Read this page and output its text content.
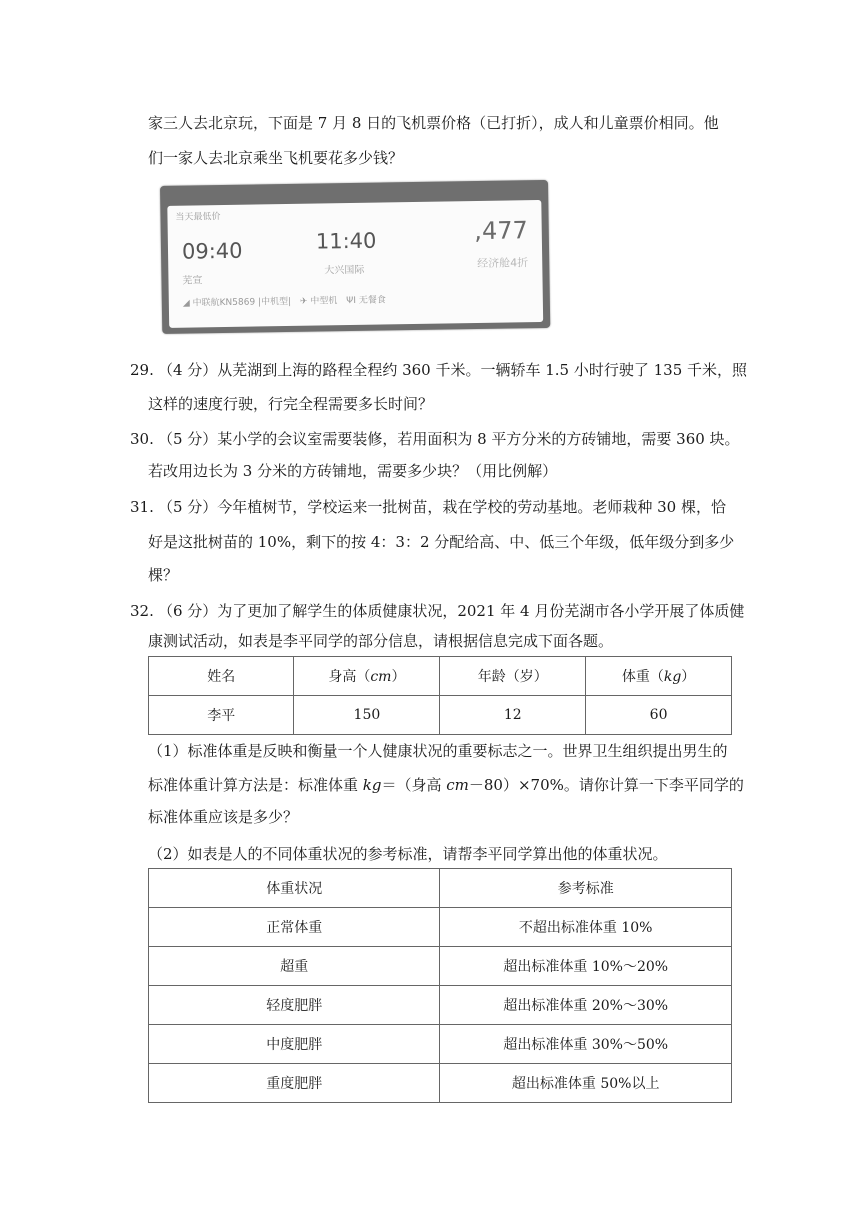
家三人去北京玩，下面是 7 月 8 日的飞机票价格（已打折），成人和儿童票价相同。他
们一家人去北京乘坐飞机要花多少钱？
当天最低价
09:40
芜宣
11:40
大兴国际
,477
经济舱4折
◢ 中联航KN5869 |中机型| ✈ 中型机 ΨΙ 无餐食
29. （4 分）从芜湖到上海的路程全程约 360 千米。一辆轿车 1.5 小时行驶了 135 千米，照
这样的速度行驶，行完全程需要多长时间？
30. （5 分）某小学的会议室需要装修，若用面积为 8 平方分米的方砖铺地，需要 360 块。
若改用边长为 3 分米的方砖铺地，需要多少块？（用比例解）
31. （5 分）今年植树节，学校运来一批树苗，栽在学校的劳动基地。老师栽种 30 棵，恰
好是这批树苗的 10%，剩下的按 4：3：2 分配给高、中、低三个年级，低年级分到多少
棵？
32. （6 分）为了更加了解学生的体质健康状况，2021 年 4 月份芜湖市各小学开展了体质健
康测试活动，如表是李平同学的部分信息，请根据信息完成下面各题。
姓名	身高（cm）	年龄（岁）	体重（kg）
李平	150	12	60
（1）标准体重是反映和衡量一个人健康状况的重要标志之一。世界卫生组织提出男生的
标准体重计算方法是：标准体重 kg＝（身高 cm－80）×70%。请你计算一下李平同学的
标准体重应该是多少？
（2）如表是人的不同体重状况的参考标准，请帮李平同学算出他的体重状况。
体重状况	参考标准
正常体重	不超出标准体重 10%
超重	超出标准体重 10%～20%
轻度肥胖	超出标准体重 20%～30%
中度肥胖	超出标准体重 30%～50%
重度肥胖	超出标准体重 50%以上
